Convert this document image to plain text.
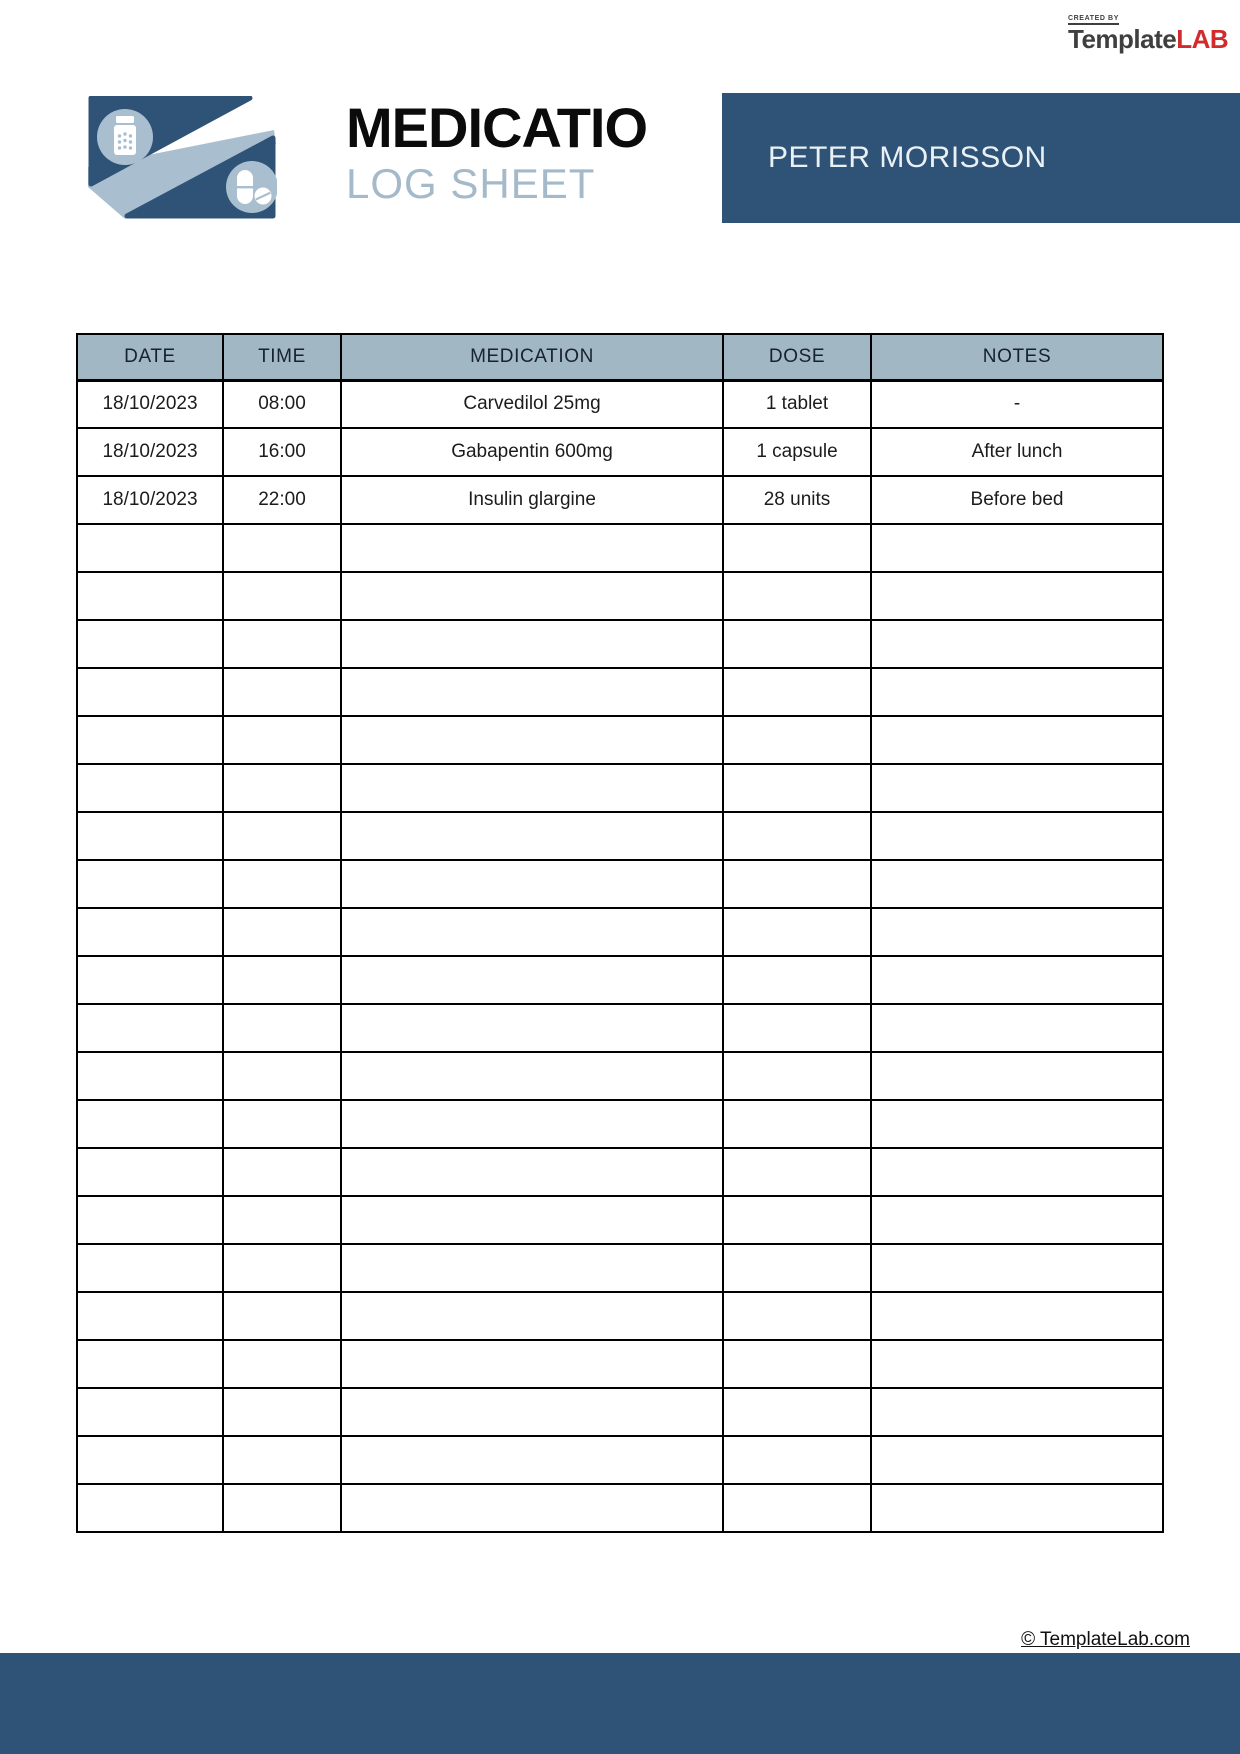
CREATED BY
TemplateLAB
MEDICATIO
LOG SHEET
PETER MORISSON
DATE	TIME	MEDICATION	DOSE	NOTES
18/10/2023	08:00	Carvedilol 25mg	1 tablet	-
18/10/2023	16:00	Gabapentin 600mg	1 capsule	After lunch
18/10/2023	22:00	Insulin glargine	28 units	Before bed

© TemplateLab.com
